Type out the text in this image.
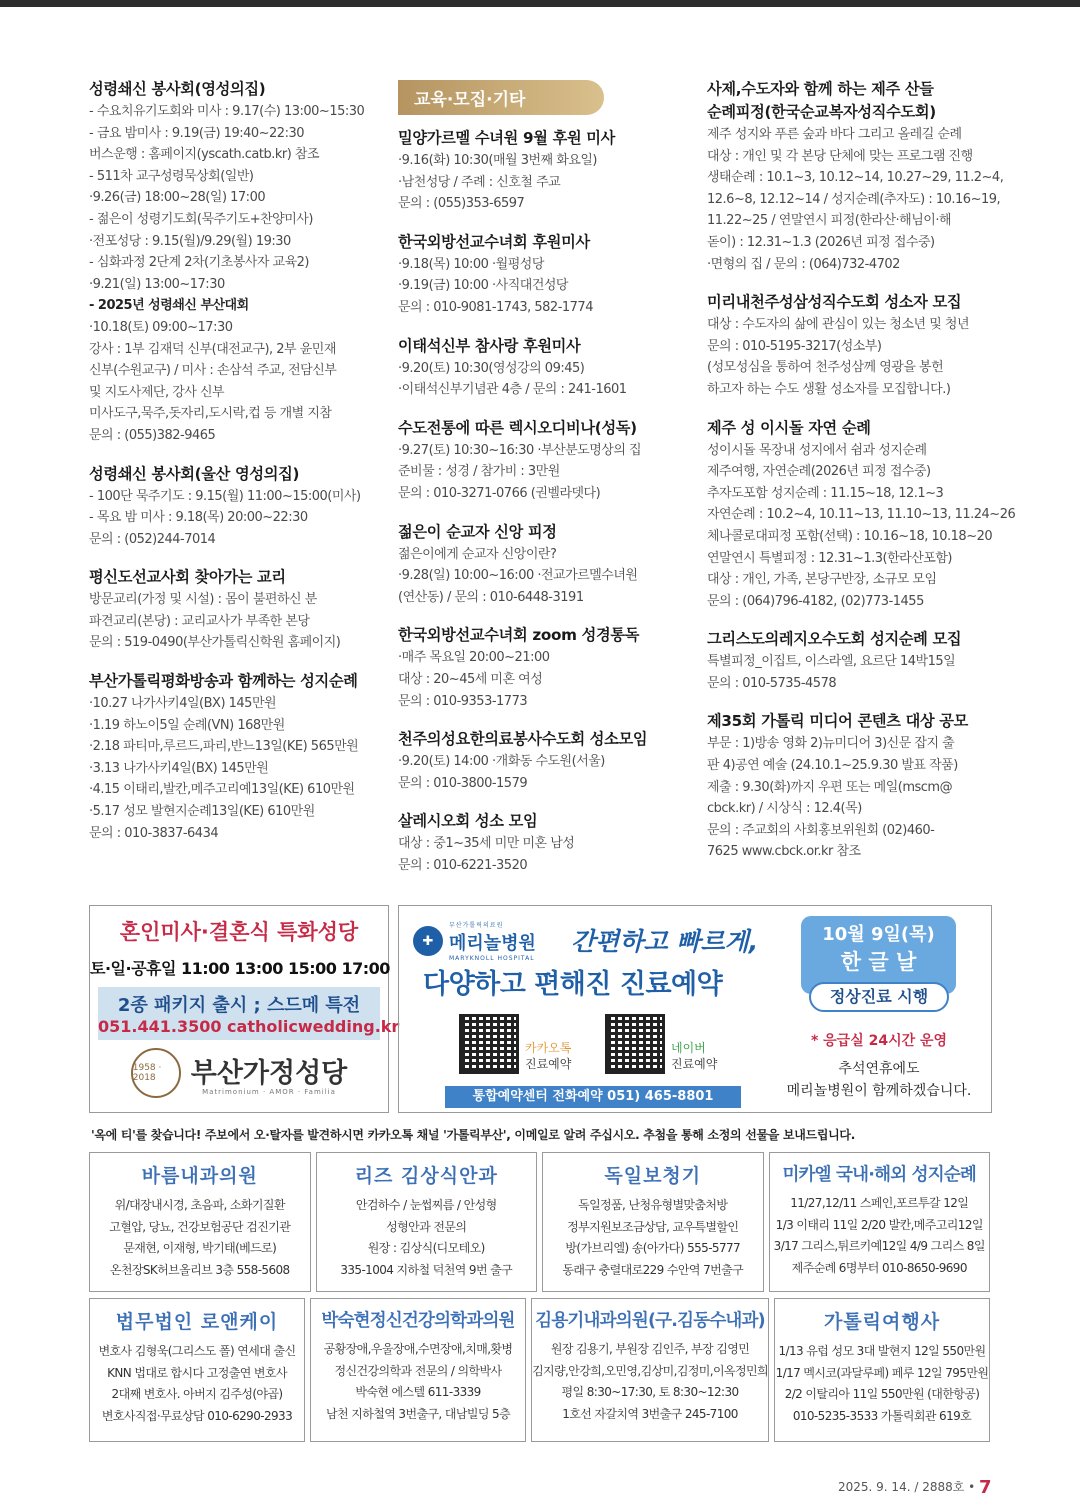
성령쇄신 봉사회(영성의집)
- 수요치유기도회와 미사 : 9.17(수) 13:00~15:30
- 금요 밤미사 : 9.19(금) 19:40~22:30
버스운행 : 홈페이지(yscath.catb.kr) 참조
- 511차 교구성령묵상회(일반)
·9.26(금) 18:00~28(일) 17:00
- 젊은이 성령기도회(묵주기도+찬양미사)
·전포성당 : 9.15(월)/9.29(월) 19:30
- 심화과정 2단계 2차(기초봉사자 교육2)
·9.21(일) 13:00~17:30
- 2025년 성령쇄신 부산대회
·10.18(토) 09:00~17:30
강사 : 1부 김재덕 신부(대전교구), 2부 윤민재
신부(수원교구) / 미사 : 손삼석 주교, 전담신부
및 지도사제단, 강사 신부
미사도구,묵주,돗자리,도시락,컵 등 개별 지참
문의 : (055)382-9465
성령쇄신 봉사회(울산 영성의집)
- 100단 묵주기도 : 9.15(월) 11:00~15:00(미사)
- 목요 밤 미사 : 9.18(목) 20:00~22:30
문의 : (052)244-7014
평신도선교사회 찾아가는 교리
방문교리(가정 및 시설) : 몸이 불편하신 분
파견교리(본당) : 교리교사가 부족한 본당
문의 : 519-0490(부산가톨릭신학원 홈페이지)
부산가톨릭평화방송과 함께하는 성지순례
·10.27 나가사키4일(BX) 145만원
·1.19 하노이5일 순례(VN) 168만원
·2.18 파티마,루르드,파리,반느13일(KE) 565만원
·3.13 나가사키4일(BX) 145만원
·4.15 이태리,발칸,메주고리예13일(KE) 610만원
·5.17 성모 발현지순례13일(KE) 610만원
문의 : 010-3837-6434
교육·모집·기타
밀양가르멜 수녀원 9월 후원 미사
·9.16(화) 10:30(매월 3번째 화요일)
·남천성당 / 주례 : 신호철 주교
문의 : (055)353-6597
한국외방선교수녀회 후원미사
·9.18(목) 10:00 ·월평성당
·9.19(금) 10:00 ·사직대건성당
문의 : 010-9081-1743, 582-1774
이태석신부 참사랑 후원미사
·9.20(토) 10:30(영성강의 09:45)
·이태석신부기념관 4층 / 문의 : 241-1601
수도전통에 따른 렉시오디비나(성독)
·9.27(토) 10:30~16:30 ·부산분도명상의 집
준비물 : 성경 / 참가비 : 3만원
문의 : 010-3271-0766 (권벨라뎃다)
젊은이 순교자 신앙 피정
젊은이에게 순교자 신앙이란?
·9.28(일) 10:00~16:00 ·전교가르멜수녀원
(연산동) / 문의 : 010-6448-3191
한국외방선교수녀회 zoom 성경통독
·매주 목요일 20:00~21:00
대상 : 20~45세 미혼 여성
문의 : 010-9353-1773
천주의성요한의료봉사수도회 성소모임
·9.20(토) 14:00 ·개화동 수도원(서울)
문의 : 010-3800-1579
살레시오회 성소 모임
대상 : 중1~35세 미만 미혼 남성
문의 : 010-6221-3520
사제,수도자와 함께 하는 제주 산들
순례피정(한국순교복자성직수도회)
제주 성지와 푸른 숲과 바다 그리고 올레길 순례
대상 : 개인 및 각 본당 단체에 맞는 프로그램 진행
생태순례 : 10.1~3, 10.12~14, 10.27~29, 11.2~4,
12.6~8, 12.12~14 / 성지순례(추자도) : 10.16~19,
11.22~25 / 연말연시 피정(한라산·해님이·해
돋이) : 12.31~1.3 (2026년 피정 접수중)
·면형의 집 / 문의 : (064)732-4702
미리내천주성삼성직수도회 성소자 모집
대상 : 수도자의 삶에 관심이 있는 청소년 및 청년
문의 : 010-5195-3217(성소부)
(성모성심을 통하여 천주성삼께 영광을 봉헌
하고자 하는 수도 생활 성소자를 모집합니다.)
제주 성 이시돌 자연 순례
성이시돌 목장내 성지에서 쉼과 성지순례
제주여행, 자연순례(2026년 피정 접수중)
추자도포함 성지순례 : 11.15~18, 12.1~3
자연순례 : 10.2~4, 10.11~13, 11.10~13, 11.24~26
체나콜로대피정 포함(선택) : 10.16~18, 10.18~20
연말연시 특별피정 : 12.31~1.3(한라산포함)
대상 : 개인, 가족, 본당구반장, 소규모 모임
문의 : (064)796-4182, (02)773-1455
그리스도의레지오수도회 성지순례 모집
특별피정_이집트, 이스라엘, 요르단 14박15일
문의 : 010-5735-4578
제35회 가톨릭 미디어 콘텐츠 대상 공모
부문 : 1)방송 영화 2)뉴미디어 3)신문 잡지 출
판 4)공연 예술 (24.10.1~25.9.30 발표 작품)
제출 : 9.30(화)까지 우편 또는 메일(mscm@
cbck.kr) / 시상식 : 12.4(목)
문의 : 주교회의 사회홍보위원회 (02)460-
7625 www.cbck.or.kr 참조
혼인미사·결혼식 특화성당
토·일·공휴일 11:00 13:00 15:00 17:00
2종 패키지 출시 ; 스드메 특전
051.441.3500 catholicwedding.kr
1958 · 2018	부산가정성당
Matrimonium · AMOR · Familia
✚
부산가톨릭의료원
메리놀병원
MARYKNOLL HOSPITAL
간편하고 빠르게,
다양하고 편해진 진료예약
카카오톡
진료예약
네이버
진료예약
통합예약센터 전화예약 051) 465-8801
10월 9일(목)
한 글 날
정상진료 시행
* 응급실 24시간 운영
추석연휴에도
메리놀병원이 함께하겠습니다.
'옥에 티'를 찾습니다! 주보에서 오·탈자를 발견하시면 카카오톡 채널 '가톨릭부산', 이메일로 알려 주십시오. 추첨을 통해 소정의 선물을 보내드립니다.
바름내과의원
위/대장내시경, 초음파, 소화기질환
고혈압, 당뇨, 건강보험공단 검진기관
문재현, 이재형, 박기태(베드로)
온천장SK허브올리브 3층 558-5608
리즈 김상식안과
안검하수 / 눈썹찌름 / 안성형
성형안과 전문의
원장 : 김상식(디모테오)
335-1004 지하철 덕천역 9번 출구
독일보청기
독일정품, 난청유형별맞춤처방
정부지원보조금상담, 교우특별할인
방(가브리엘) 송(아가다) 555-5777
동래구 충렬대로229 수안역 7번출구
미카엘 국내·해외 성지순례
11/27,12/11 스페인,포르투갈 12일
1/3 이태리 11일 2/20 발칸,메주고리12일
3/17 그리스,튀르키예12일 4/9 그리스 8일
제주순례 6명부터 010-8650-9690
법무법인 로앤케이
변호사 김형욱(그리스도 폴) 연세대 출신
KNN 법대로 합시다 고정출연 변호사
2대째 변호사. 아버지 김주성(야곱)
변호사직접·무료상담 010-6290-2933
박숙현정신건강의학과의원
공황장애,우울장애,수면장애,치매,홧병
정신건강의학과 전문의 / 의학박사
박숙현 에스텔 611-3339
남천 지하철역 3번출구, 대남빌딩 5층
김용기내과의원(구.김동수내과)
원장 김용기, 부원장 김인주, 부장 김영민
김지량,안강희,오민영,김상미,김정미,이옥정민희
평일 8:30~17:30, 토 8:30~12:30
1호선 자갈치역 3번출구 245-7100
가톨릭여행사
1/13 유럽 성모 3대 발현지 12일 550만원
1/17 멕시코(과달루페) 페루 12일 795만원
2/2 이탈리아 11일 550만원 (대한항공)
010-5235-3533 가톨릭회관 619호
2025. 9. 14. / 2888호 • 7
